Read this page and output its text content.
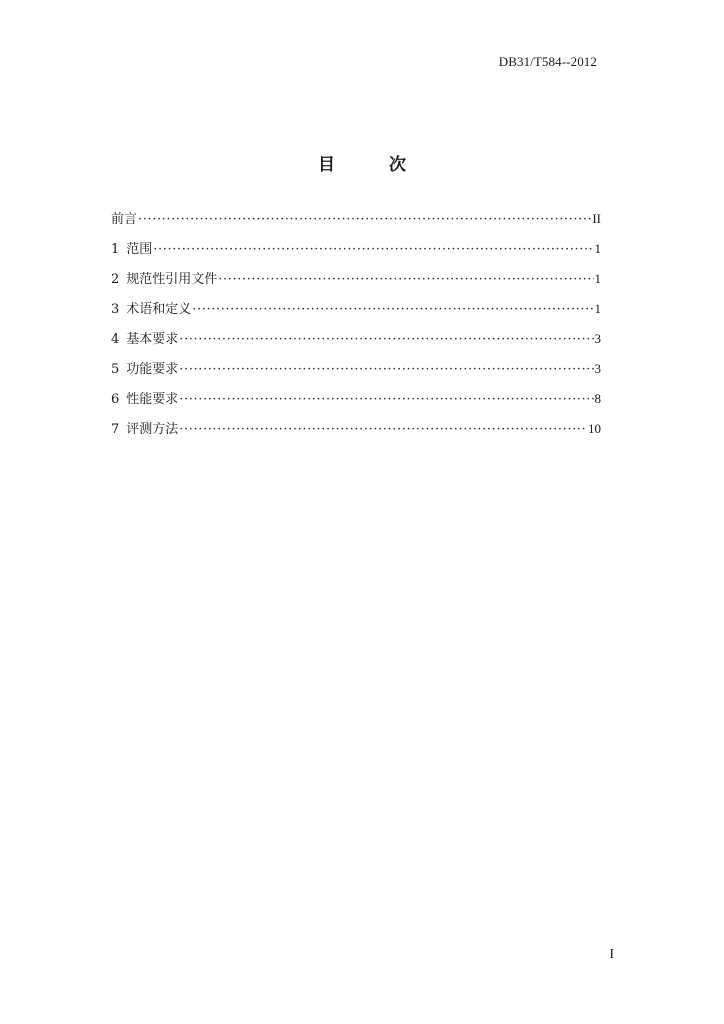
DB31/T584--2012
目 次
前言 ·····	II
1 范围 ·····	1
2 规范性引用文件 ·····	1
3 术语和定义 ·····	1
4 基本要求 ·····	3
5 功能要求 ·····	3
6 性能要求 ·····	8
7 评测方法 ·····	10
I
